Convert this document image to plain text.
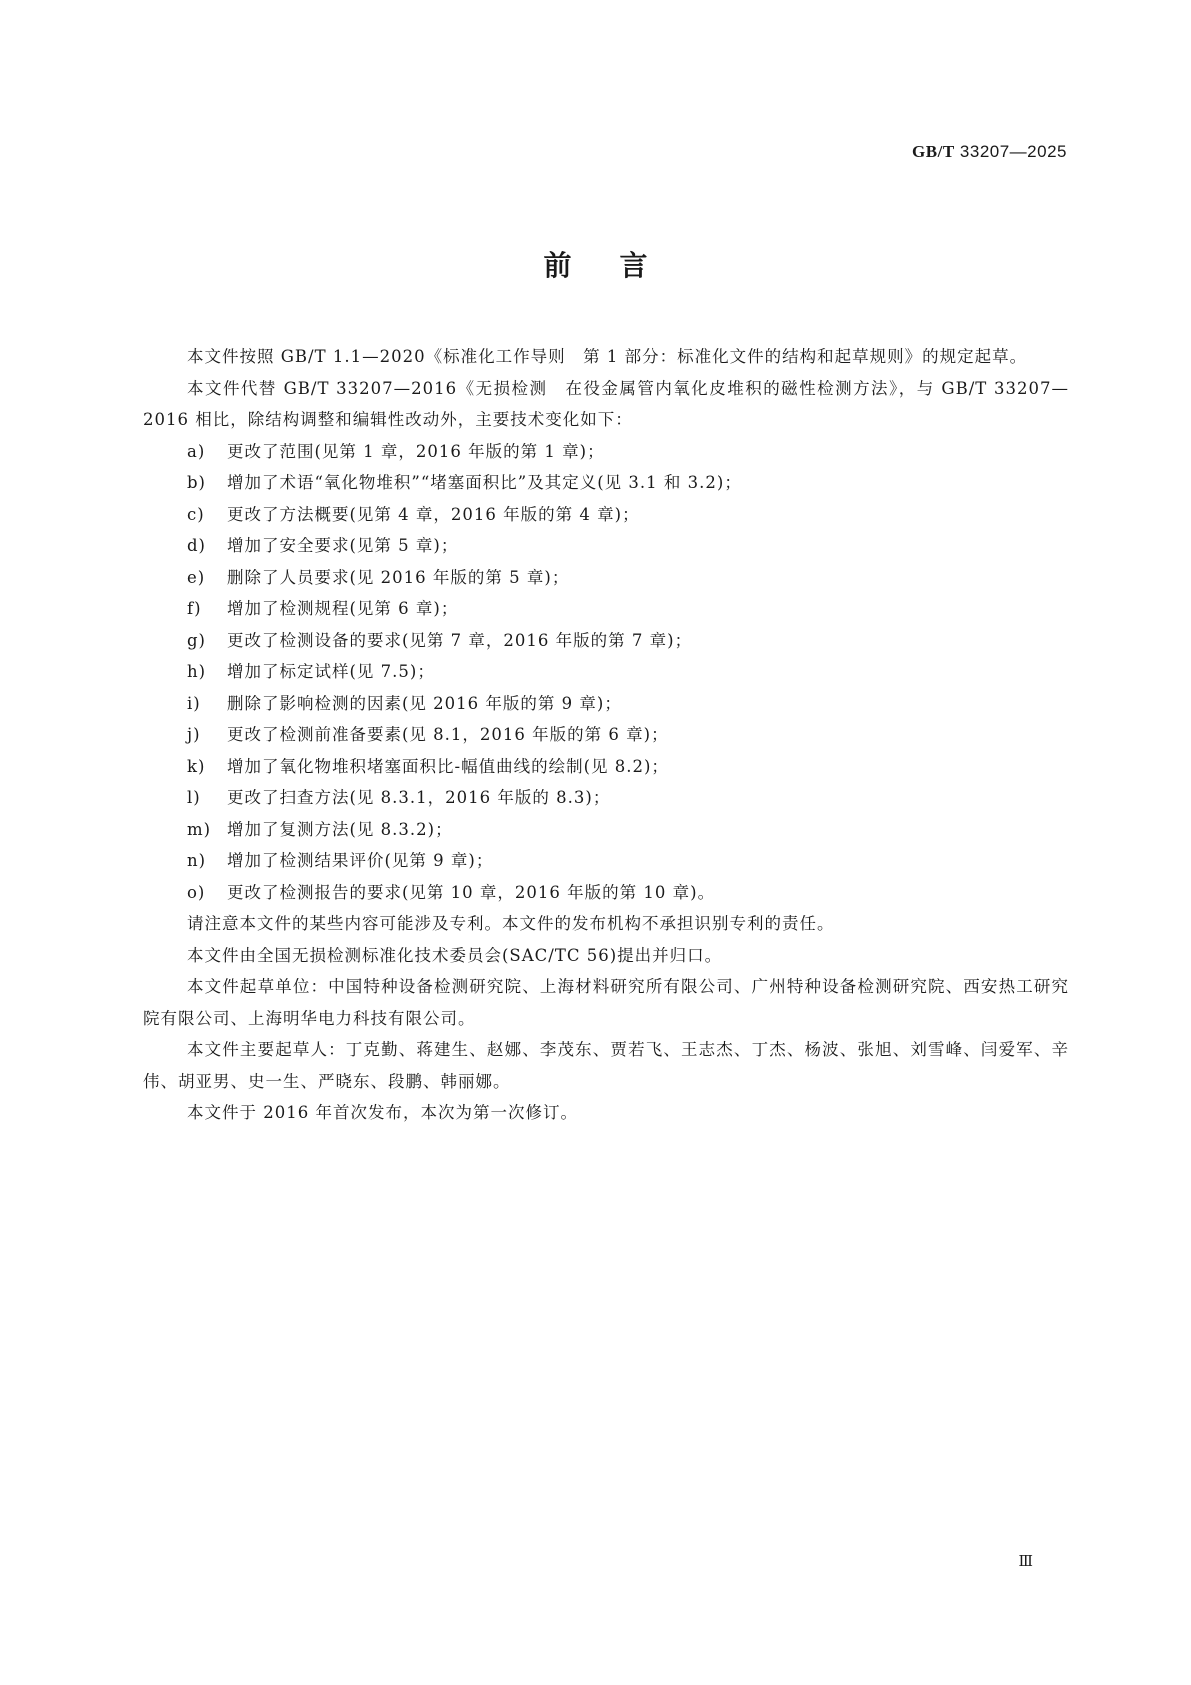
GB/T 33207—2025
前言

本文件按照 GB/T 1.1—2020《标准化工作导则　第 1 部分：标准化文件的结构和起草规则》的规定起草。

本文件代替 GB/T 33207—2016《无损检测　在役金属管内氧化皮堆积的磁性检测方法》，与 GB/T 33207—2016 相比，除结构调整和编辑性改动外，主要技术变化如下：

a) 更改了范围(见第 1 章，2016 年版的第 1 章)；

b) 增加了术语“氧化物堆积”“堵塞面积比”及其定义(见 3.1 和 3.2)；

c) 更改了方法概要(见第 4 章，2016 年版的第 4 章)；

d) 增加了安全要求(见第 5 章)；

e) 删除了人员要求(见 2016 年版的第 5 章)；

f) 增加了检测规程(见第 6 章)；

g) 更改了检测设备的要求(见第 7 章，2016 年版的第 7 章)；

h) 增加了标定试样(见 7.5)；

i) 删除了影响检测的因素(见 2016 年版的第 9 章)；

j) 更改了检测前准备要素(见 8.1，2016 年版的第 6 章)；

k) 增加了氧化物堆积堵塞面积比-幅值曲线的绘制(见 8.2)；

l) 更改了扫查方法(见 8.3.1，2016 年版的 8.3)；

m) 增加了复测方法(见 8.3.2)；

n) 增加了检测结果评价(见第 9 章)；

o) 更改了检测报告的要求(见第 10 章，2016 年版的第 10 章)。

请注意本文件的某些内容可能涉及专利。本文件的发布机构不承担识别专利的责任。

本文件由全国无损检测标准化技术委员会(SAC/TC 56)提出并归口。

本文件起草单位：中国特种设备检测研究院、上海材料研究所有限公司、广州特种设备检测研究院、西安热工研究院有限公司、上海明华电力科技有限公司。

本文件主要起草人：丁克勤、蒋建生、赵娜、李茂东、贾若飞、王志杰、丁杰、杨波、张旭、刘雪峰、闫爱军、辛伟、胡亚男、史一生、严晓东、段鹏、韩丽娜。

本文件于 2016 年首次发布，本次为第一次修订。

Ⅲ
